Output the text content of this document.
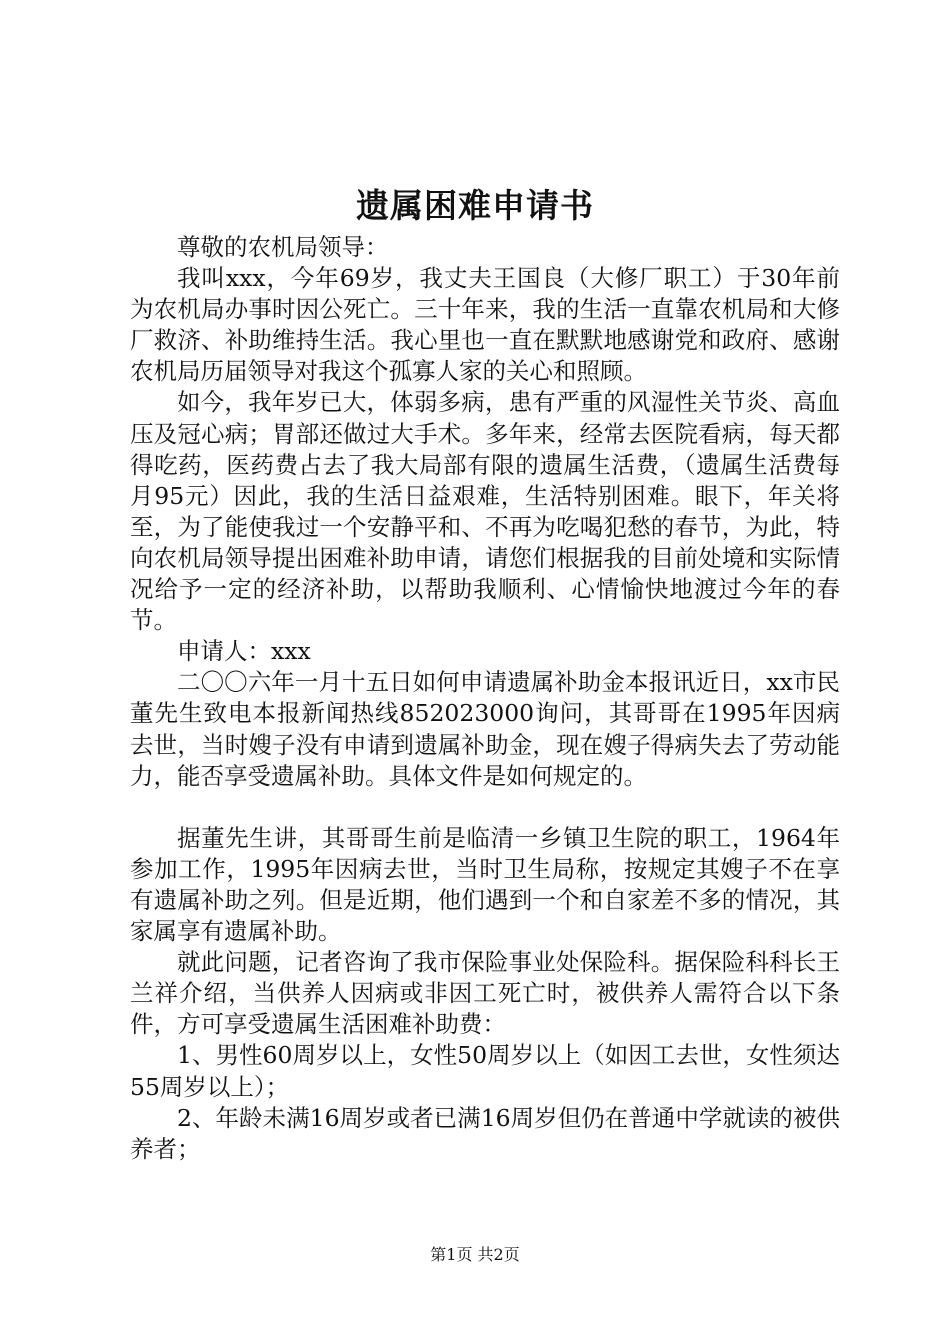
遗属困难申请书

尊敬的农机局领导：

我叫xxx，今年69岁，我丈夫王国良（大修厂职工）于30年前为农机局办事时因公死亡。三十年来，我的生活一直靠农机局和大修厂救济、补助维持生活。我心里也一直在默默地感谢党和政府、感谢农机局历届领导对我这个孤寡人家的关心和照顾。

如今，我年岁已大，体弱多病，患有严重的风湿性关节炎、高血压及冠心病；胃部还做过大手术。多年来，经常去医院看病，每天都得吃药，医药费占去了我大局部有限的遗属生活费，（遗属生活费每月95元）因此，我的生活日益艰难，生活特别困难。眼下，年关将至，为了能使我过一个安静平和、不再为吃喝犯愁的春节，为此，特向农机局领导提出困难补助申请，请您们根据我的目前处境和实际情况给予一定的经济补助，以帮助我顺利、心情愉快地渡过今年的春节。

申请人：xxx

二〇〇六年一月十五日如何申请遗属补助金本报讯近日，xx市民董先生致电本报新闻热线852023000询问，其哥哥在1995年因病去世，当时嫂子没有申请到遗属补助金，现在嫂子得病失去了劳动能力，能否享受遗属补助。具体文件是如何规定的。

据董先生讲，其哥哥生前是临清一乡镇卫生院的职工，1964年参加工作，1995年因病去世，当时卫生局称，按规定其嫂子不在享有遗属补助之列。但是近期，他们遇到一个和自家差不多的情况，其家属享有遗属补助。

就此问题，记者咨询了我市保险事业处保险科。据保险科科长王兰祥介绍，当供养人因病或非因工死亡时，被供养人需符合以下条件，方可享受遗属生活困难补助费：

1、男性60周岁以上，女性50周岁以上（如因工去世，女性须达55周岁以上）；

2、年龄未满16周岁或者已满16周岁但仍在普通中学就读的被供养者；

第1页 共2页
